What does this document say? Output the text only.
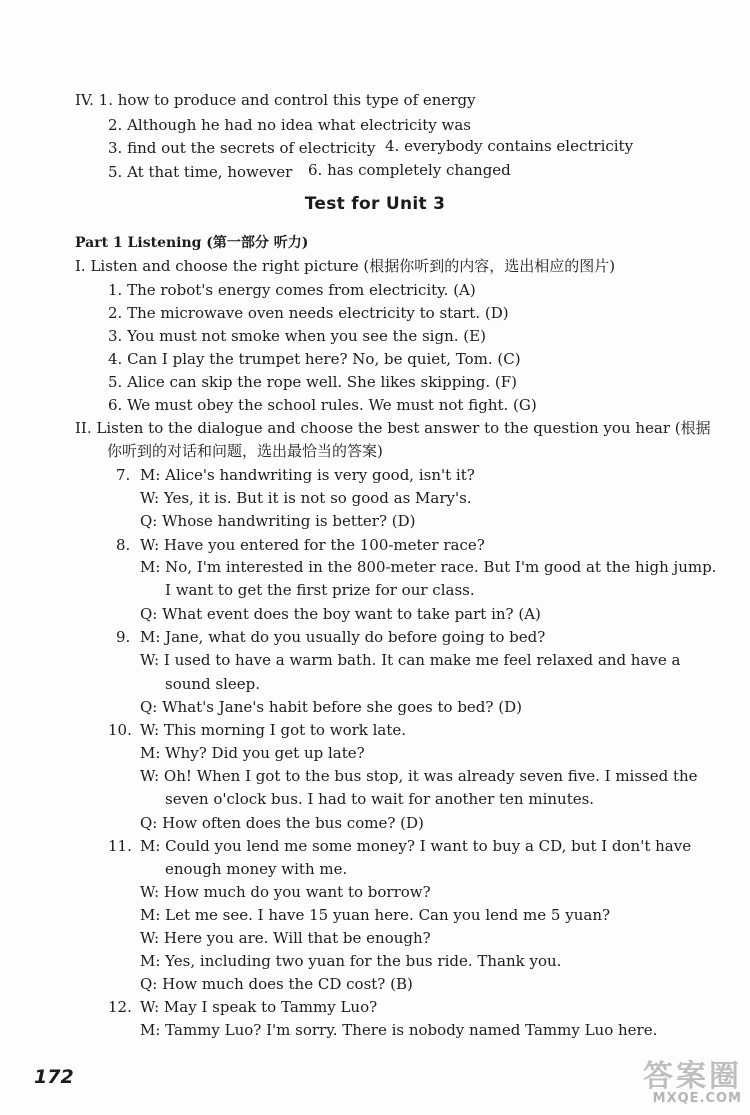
IV. 1. how to produce and control this type of energy
2. Although he had no idea what electricity was
3. find out the secrets of electricity 4. everybody contains electricity
5. At that time, however 6. has completely changed
Test for Unit 3
Part 1 Listening (第一部分 听力)
I. Listen and choose the right picture (根据你听到的内容，选出相应的图片)
1. The robot's energy comes from electricity. (A)
2. The microwave oven needs electricity to start. (D)
3. You must not smoke when you see the sign. (E)
4. Can I play the trumpet here? No, be quiet, Tom. (C)
5. Alice can skip the rope well. She likes skipping. (F)
6. We must obey the school rules. We must not fight. (G)
II. Listen to the dialogue and choose the best answer to the question you hear (根据
你听到的对话和问题，选出最恰当的答案)
7. M: Alice's handwriting is very good, isn't it?
W: Yes, it is. But it is not so good as Mary's.
Q: Whose handwriting is better? (D)
8. W: Have you entered for the 100-meter race?
M: No, I'm interested in the 800-meter race. But I'm good at the high jump.
I want to get the first prize for our class.
Q: What event does the boy want to take part in? (A)
9. M: Jane, what do you usually do before going to bed?
W: I used to have a warm bath. It can make me feel relaxed and have a
sound sleep.
Q: What's Jane's habit before she goes to bed? (D)
10. W: This morning I got to work late.
M: Why? Did you get up late?
W: Oh! When I got to the bus stop, it was already seven five. I missed the
seven o'clock bus. I had to wait for another ten minutes.
Q: How often does the bus come? (D)
11. M: Could you lend me some money? I want to buy a CD, but I don't have
enough money with me.
W: How much do you want to borrow?
M: Let me see. I have 15 yuan here. Can you lend me 5 yuan?
W: Here you are. Will that be enough?
M: Yes, including two yuan for the bus ride. Thank you.
Q: How much does the CD cost? (B)
12. W: May I speak to Tammy Luo?
M: Tammy Luo? I'm sorry. There is nobody named Tammy Luo here.
172	答案圈
MXQE.COM
